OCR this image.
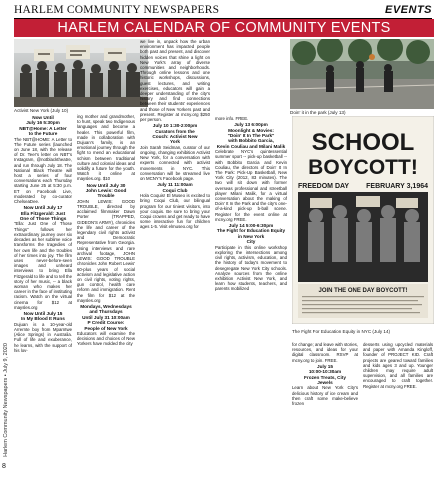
HARLEM COMMUNITY NEWSPAPERS	EVENTS
HARLEM CALENDAR OF COMMUNITY EVENTS
Harlem Community Newspapers • July 9, 2020
8
Activist New York (July 10)	Doin' it in the park (July 13)
Now Until
July 16 5:30pm
NBT@Home: A Letter
to the Future

The NBT@HOME: A Letter to The Future series (launched on June 18, with the release of Dr. Teer's letter on NBT's Instagram, @notblacktheatre, and run through July 18. The National Black Theatre will host a series of four conversations each Thursday starting June 25 at 5:30 p.m. ET on Facebook Live, moderated by co-curator ChelseaDee.

Now Until July 17
Ella Fitzgerald: Just
One of Those Things

"Ella: Just One of Those Things" follows her extraordinary journey over six decades as her sublime voice transforms the tragedies of her own life and the troubles of her times into joy. The film uses never-before-seen images and unheard interviews to bring Ella Fitzgerald to life and to tell the story of her music, -- a black woman who makes her career in the face of instituting racism. Watch on the virtual cinema for $12 at maysles.org

Now Until July 15
In My Blood It Runs

Dujuan is a 10-year-old Arrernte boy from Mparntwe (Alice Springs) in Australia. Full of life and exuberance, he learns, with the support of his lov-

ing mother and grandmother, to hunt, speak two Indigenous languages and become a healer. This powerful film, made in collaboration with Dujuan's family, is an emotional journey through the fight to mend an educational schism between traditional culture and colonial ideas and solidify a future for the youth. Watch it online at maysles.org. $10

Now Until July 30
John Lewis: Good
Trouble

JOHN LEWIS: GOOD TROUBLE, directed by acclaimed filmmaker Dawn Porter (TRAPPED, GIDEON'S ARMY), chronicles the life and career of the legendary civil rights activist and Democratic Representative from Georgia. Using interviews and rare archival footage, JOHN LEWIS: GOOD TROUBLE chronicles John Robert Lewis' 60-plus years of social activism and legislative action on civil rights, voting rights, gun control, health care reform and immigration. Rent the film for $12 at the maysles.org

Mondays, Wednesdays and Thursdays
Until July 31 10:00am
P Credit Course:
People of New York

Educators will examine the decisions and choices of New Yorkers have molded the city

we live in, unpack how the urban environment has impacted people both past and present, and discover hidden voices that shine a light on New York's array of diverse communities and neighborhoods. Through online lessons and one historic workshops, discussions, guest lectures, and writing exercises, educators will gain a deeper understanding of the city's history and find connections between their students' experiences and those of New Yorkers past and present. Register at mcny.org $250 per person.

July 10 1:30-2:00pm
Curators from the
Couch: Activist New
York

Join Sarah Seidman, curator of our ongoing, changing exhibition Activist New York, for a conversation with experts connected with activist movements in NYC. This conversation will be streamed live on MCNY's Facebook page.

July 11 11:00am
Coqui Club

Hola Coquis! El Museo is excited to bring Coqui Club, our bilingual program for our tiniest visitors, into your coquis. Be sure to bring your Coqui crowns and get ready to have some interactive fun for children ages 1-5. Visit elmuseo.org for

more info. FREE.

July 13 6:00pm
Moonlight & Movies:
"Doin' It In The Park"
with Bobbito Garcia,
Kevin Couliau and Milani Malik

Celebrate NYC's quintessential summer sport -- pick-up basketball -- with Bobbito Garcia and Kevin Couliau, the directors of Doin' It In The Park: Pick-Up Basketball, New York City (2012, 83 minutes). The two will sit down with former overseas professional and streetball player Milani Malik, for a virtual conversation about the making of Doin' It In the Park and the city's one-of-a-kind pick-up b-ball scene. Register for the event online at mcny.org FREE.

July 14 5:00-6:30pm
The Fight for Education Equity in New York
City

Participate in this online workshop exploring the intersections among civil rights, activism, education, and the history of today's movement to desegregate New York City schools. Analyze sources from the online exhibition Activist New York, and learn how students, teachers, and parents mobilized

for change; and leave with stories, resources, and ideas for your digital classroom. RSVP at mcny.org to join. FREE.

July 15
10:00-10:30am
Frozen Treats, City
Jewels

Learn about New York City's delicious history of ice cream and then craft some make-believe frozen

desserts using upcycled materials and paper with Amanda Kingloff, founder of PROJECT KID. Craft projects are geared toward families and kids ages 3 and up. Younger children may require adult supervision, and all families are encouraged to craft together. Register at mcny.org FREE.

SCHOOL
BOYCOTT!
FREEDOM DAY FEBRUARY 3,1964
JOIN THE ONE DAY BOYCOTT!
The Fight For Education Equity in NYC (July 14)
